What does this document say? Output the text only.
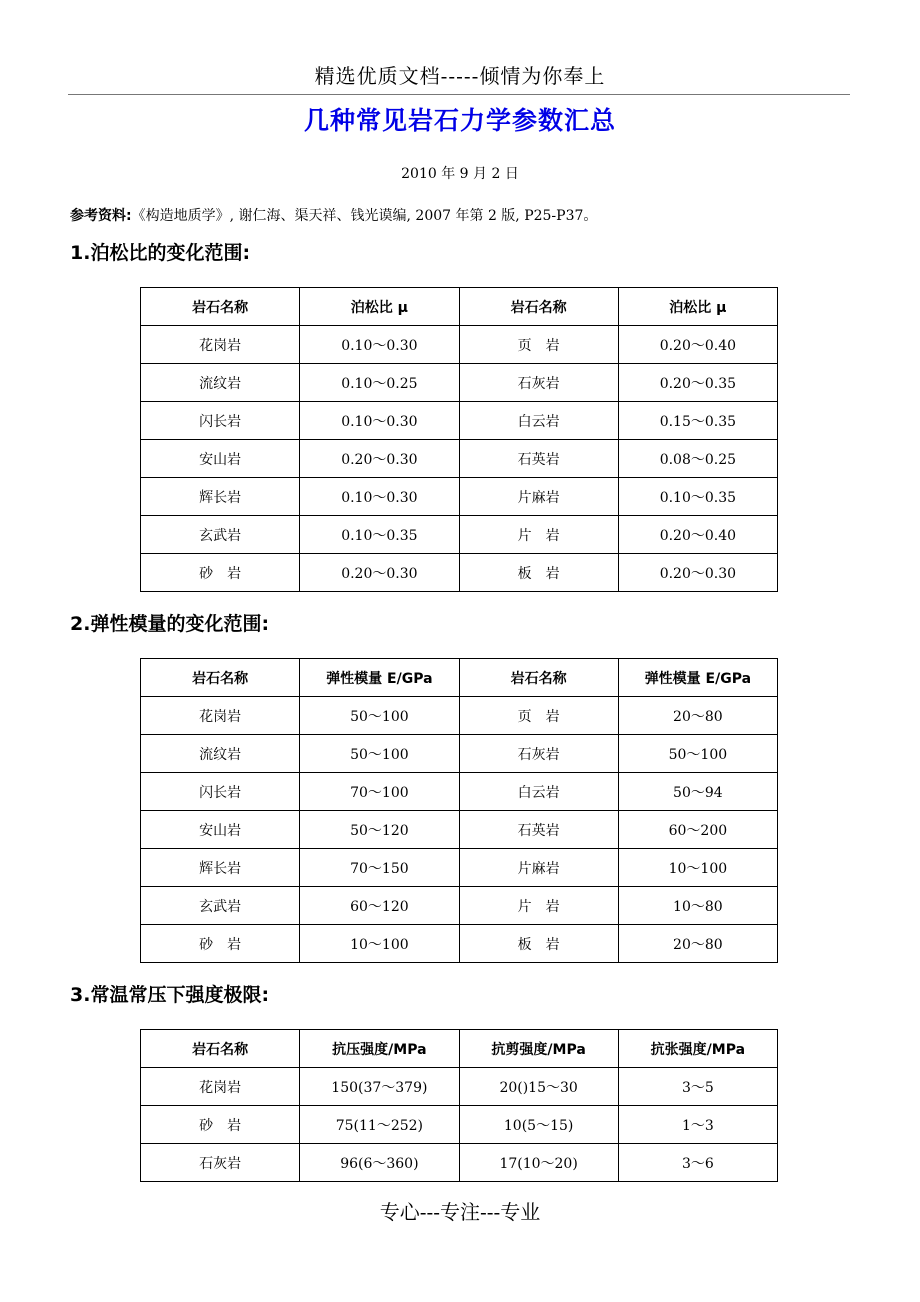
精选优质文档-----倾情为你奉上
几种常见岩石力学参数汇总
2010 年 9 月 2 日
参考资料:《构造地质学》, 谢仁海、渠天祥、钱光谟编, 2007 年第 2 版, P25-P37。
1.泊松比的变化范围:
岩石名称	泊松比 μ	岩石名称	泊松比 μ
花岗岩	0.10～0.30	页　岩	0.20～0.40
流纹岩	0.10～0.25	石灰岩	0.20～0.35
闪长岩	0.10～0.30	白云岩	0.15～0.35
安山岩	0.20～0.30	石英岩	0.08～0.25
辉长岩	0.10～0.30	片麻岩	0.10～0.35
玄武岩	0.10～0.35	片　岩	0.20～0.40
砂　岩	0.20～0.30	板　岩	0.20～0.30
2.弹性模量的变化范围:
岩石名称	弹性模量 E/GPa	岩石名称	弹性模量 E/GPa
花岗岩	50～100	页　岩	20～80
流纹岩	50～100	石灰岩	50～100
闪长岩	70～100	白云岩	50～94
安山岩	50～120	石英岩	60～200
辉长岩	70～150	片麻岩	10～100
玄武岩	60～120	片　岩	10～80
砂　岩	10～100	板　岩	20～80
3.常温常压下强度极限:
岩石名称	抗压强度/MPa	抗剪强度/MPa	抗张强度/MPa
花岗岩	150(37～379)	20()15～30	3～5
砂　岩	75(11～252)	10(5～15)	1～3
石灰岩	96(6～360)	17(10～20)	3～6
专心---专注---专业
